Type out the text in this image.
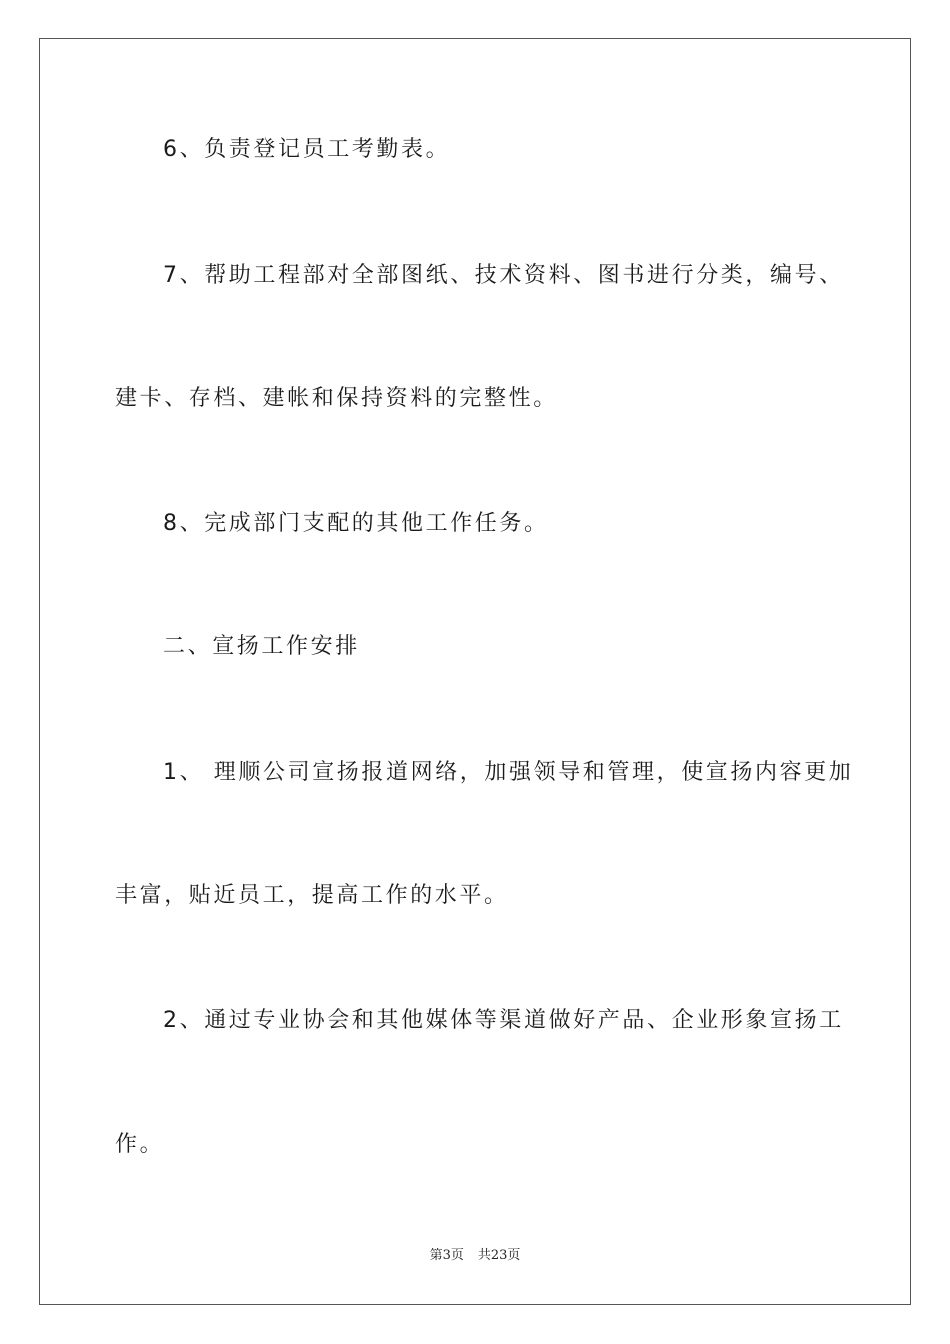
6、负责登记员工考勤表。
7、帮助工程部对全部图纸、技术资料、图书进行分类，编号、
建卡、存档、建帐和保持资料的完整性。
8、完成部门支配的其他工作任务。
二、宣扬工作安排
1、 理顺公司宣扬报道网络，加强领导和管理，使宣扬内容更加
丰富，贴近员工，提高工作的水平。
2、通过专业协会和其他媒体等渠道做好产品、企业形象宣扬工
作。
第3页 共23页
